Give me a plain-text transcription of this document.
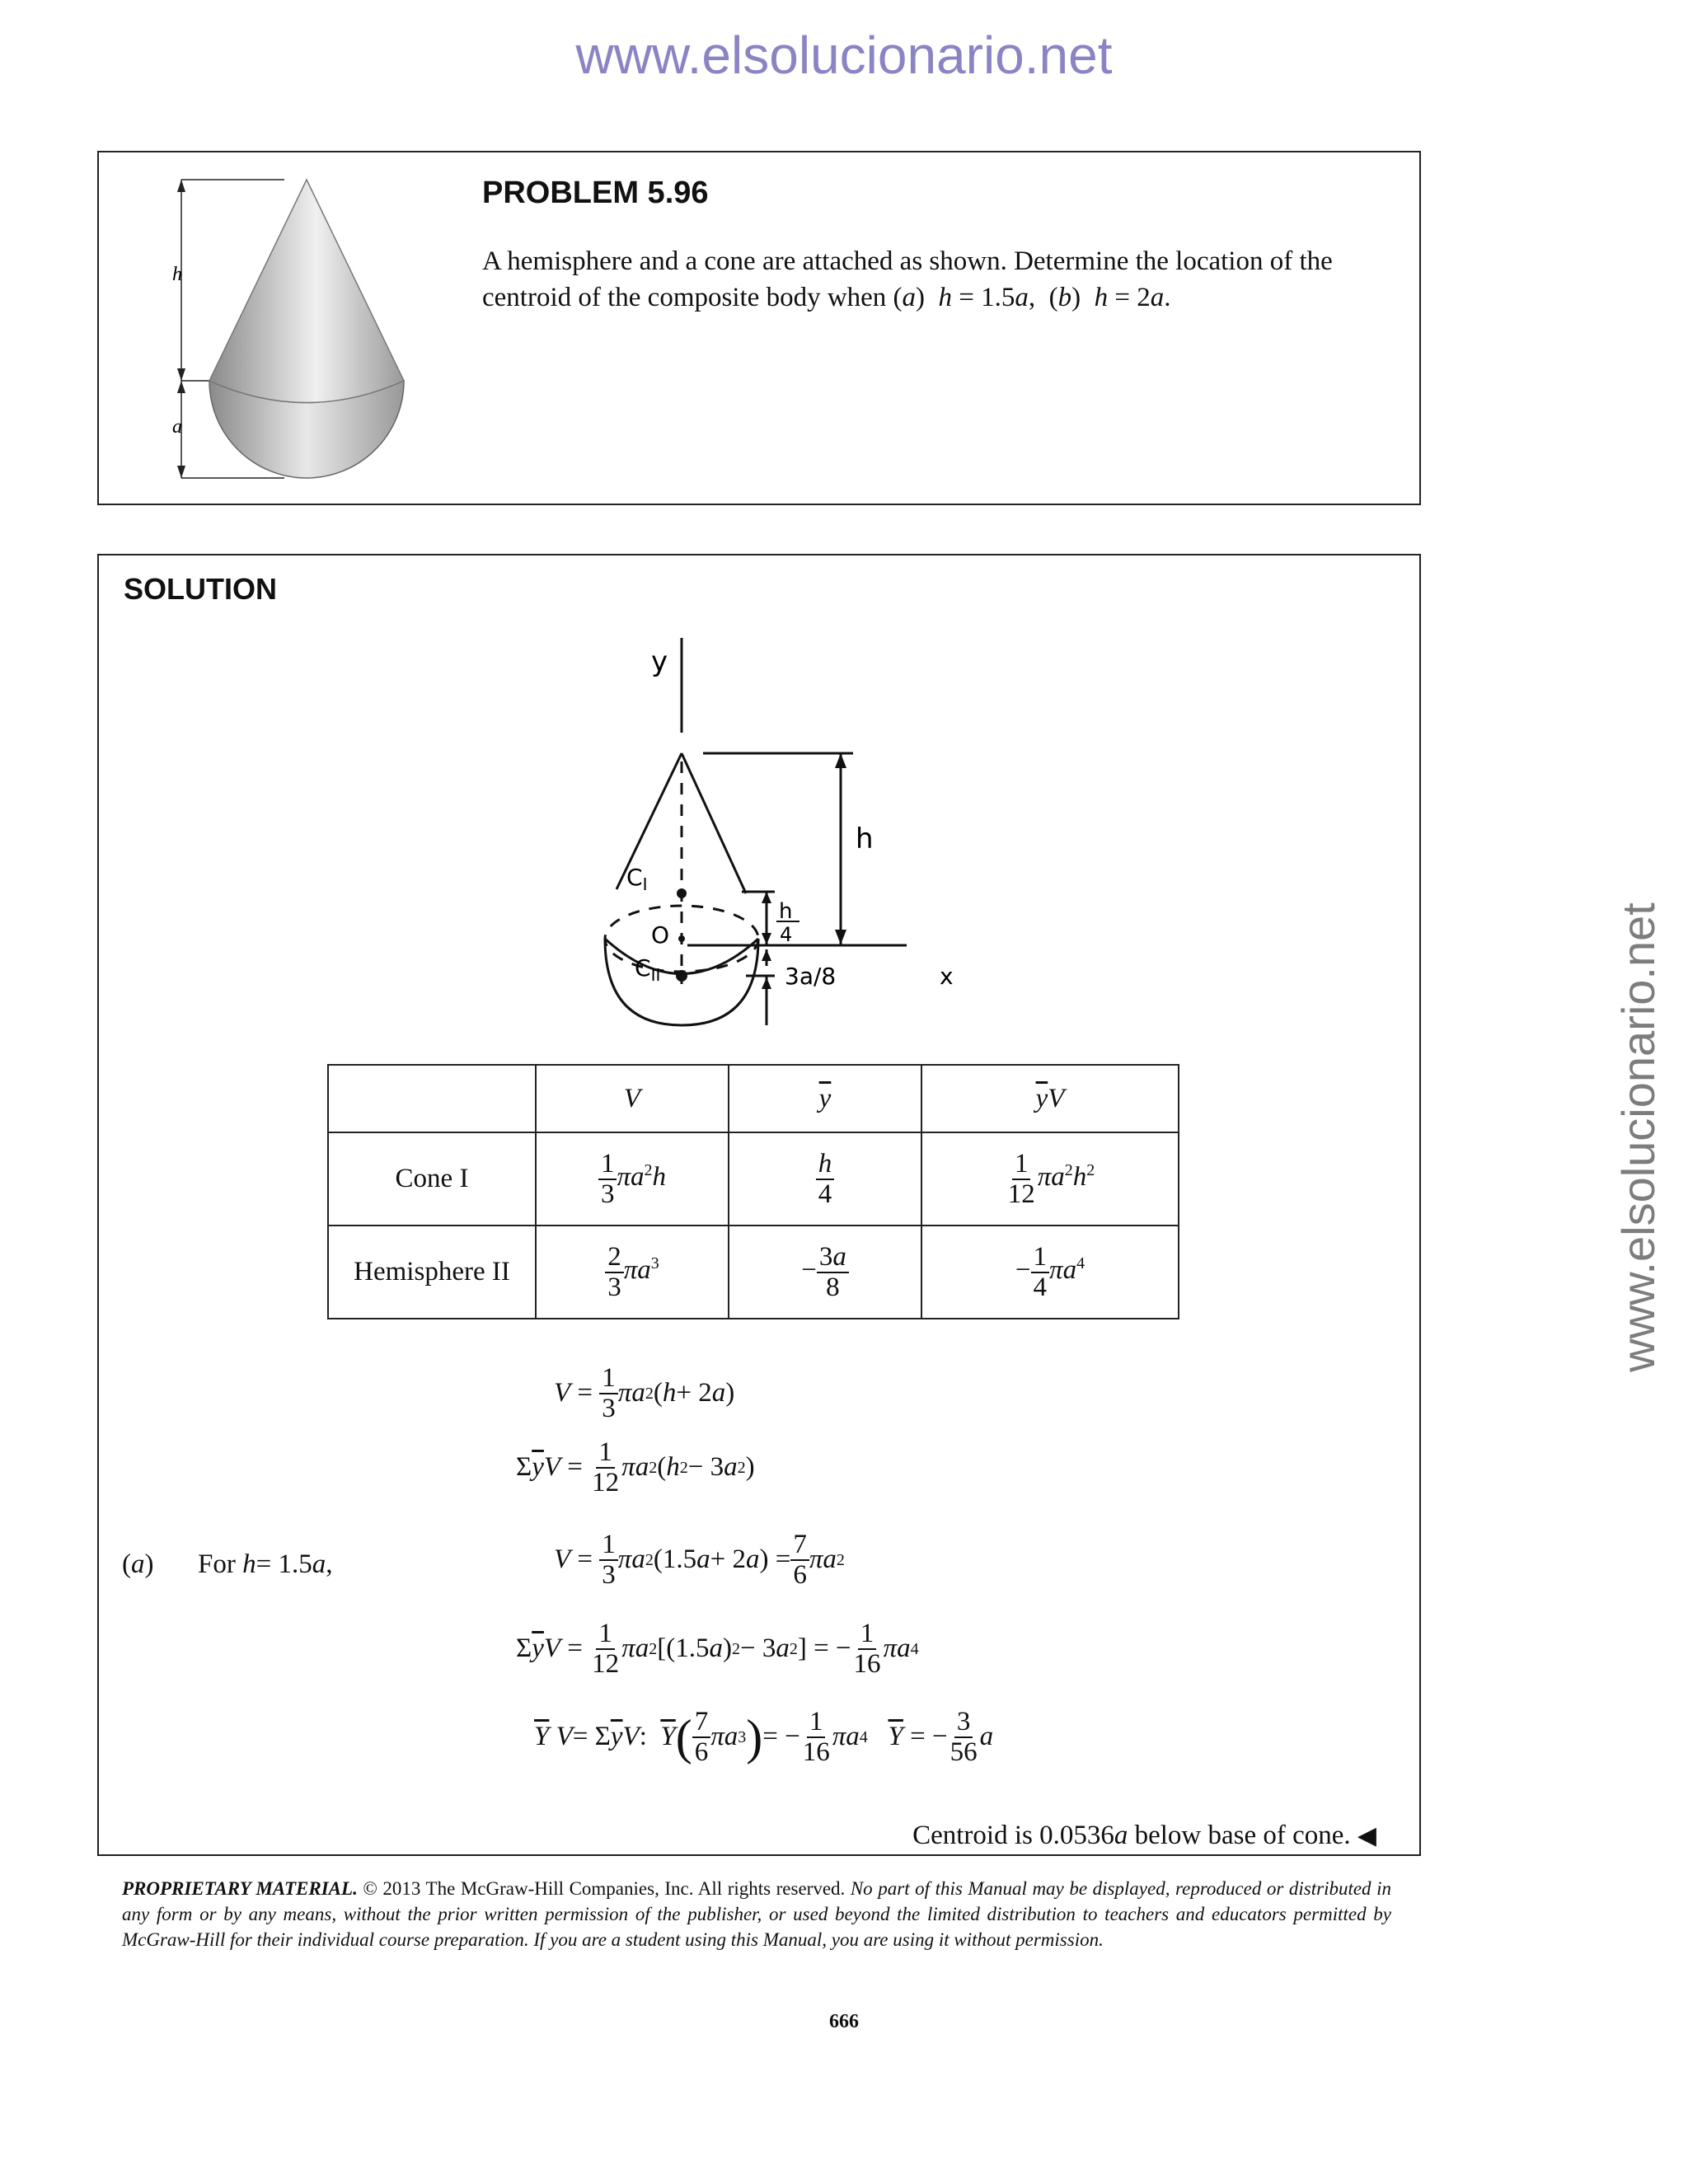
www.elsolucionario.net
www.elsolucionario.net
h
a
PROBLEM 5.96
A hemisphere and a cone are attached as shown. Determine the location of the centroid of the composite body when (a)  h = 1.5a,  (b)  h = 2a.
SOLUTION
y
h
x
$C_I$
O
$C_{II}$
h
4
3a/8
Centroid is 0.0536a below base of cone. ◀
	V	$\overline{y}$	$\overline{y}V$
Cone I	$\frac{1}{3} \pi a^2h$	$\frac{h}{4}$	$\frac{1}{12} \pi a^2h^2$
Hemisphere II	$\frac{2}{3} \pi a^3$	− $\frac{3a}{8}$	− $\frac{1}{4} \pi a^4$
$V = \frac{1}{3}$ πa 2 ( h + 2 a )
Σ $\overline{y}$ $V = \frac{1}{12}$ πa 2 ( h 2 − 3 a 2 )
( a ) For
h = 1.5 a ,	$V = \frac{1}{3}$ πa 2 (1.5 a + 2 a ) = $\frac{7}{6}$ πa 2
Σ $\overline{y}$ $V = \frac{1}{12}$ πa 2 [(1.5 a ) 2 − 3 a 2 ] = − $\frac{1}{16}$ πa 4
$\overline{Y}$
V = Σ $\overline{y}$ V : $\overline{Y}$ ( $\frac{7}{6}$ πa 3 ) = − $\frac{1}{16}$ πa 4
$\overline{Y}$ = − $\frac{3}{56}$ a
PROPRIETARY MATERIAL. © 2013 The McGraw-Hill Companies, Inc. All rights reserved. No part of this Manual may be displayed, reproduced or distributed in any form or by any means, without the prior written permission of the publisher, or used beyond the limited distribution to teachers and educators permitted by McGraw-Hill for their individual course preparation. If you are a student using this Manual, you are using it without permission.
666
